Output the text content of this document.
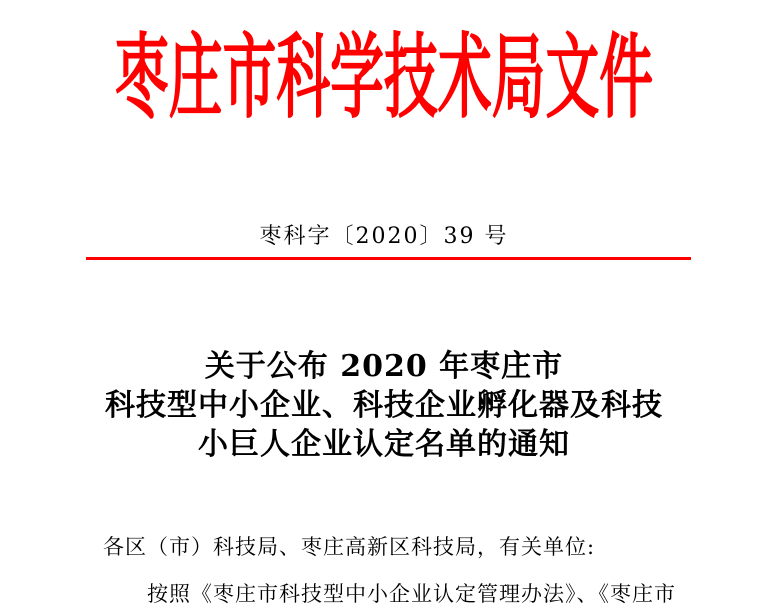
枣庄市科学技术局文件
枣科字〔2020〕39 号
关于公布 2020 年枣庄市
科技型中小企业、科技企业孵化器及科技
小巨人企业认定名单的通知
各区（市）科技局、枣庄高新区科技局，有关单位:
按照《枣庄市科技型中小企业认定管理办法》、《枣庄市
